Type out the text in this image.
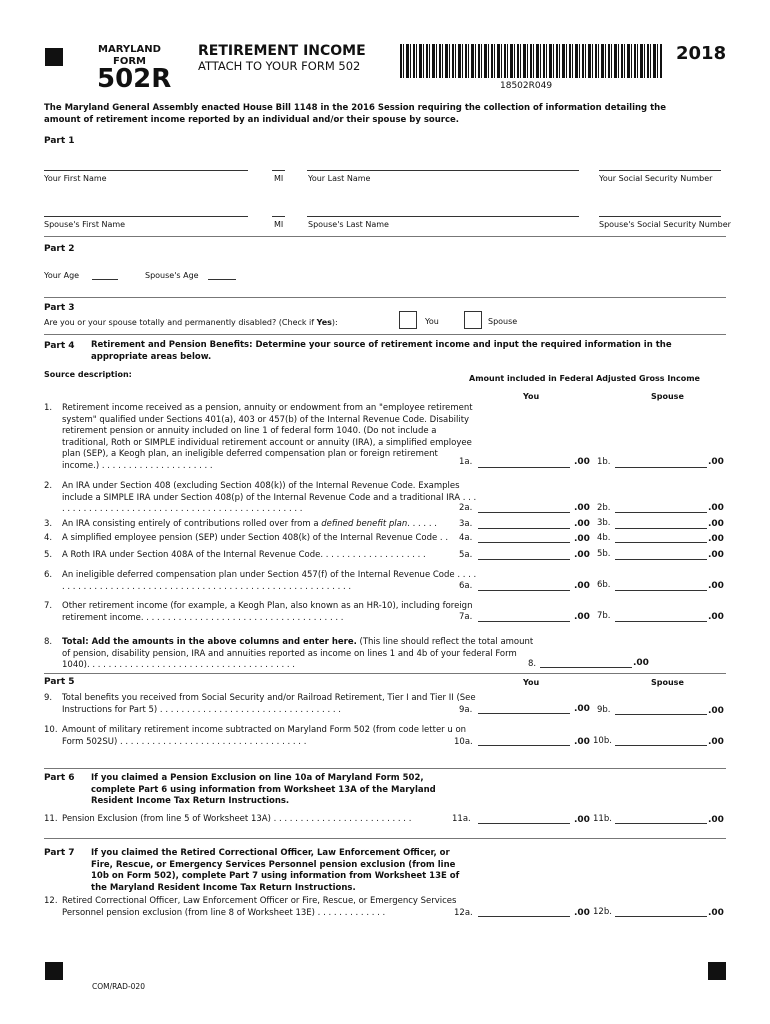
MARYLAND
FORM
502R
RETIREMENT INCOME
ATTACH TO YOUR FORM 502
18502R049
2018
The Maryland General Assembly enacted House Bill 1148 in the 2016 Session requiring the collection of information detailing the amount of retirement income reported by an individual and/or their spouse by source.
Part 1
Your First Name	MI	Your Last Name	Your Social Security Number
Spouse's First Name	MI	Spouse's Last Name	Spouse's Social Security Number
Part 2
Your Age	Spouse's Age
Part 3
Are you or your spouse totally and permanently disabled? (Check if Yes):	You	Spouse
Part 4 Retirement and Pension Benefits: Determine your source of retirement income and input the required information in the appropriate areas below.
Source description:	Amount included in Federal Adjusted Gross Income
You	Spouse
1. Retirement income received as a pension, annuity or endowment from an "employee retirement system" qualified under Sections 401(a), 403 or 457(b) of the Internal Revenue Code. Disability retirement pension or annuity included on line 1 of federal form 1040. (Do not include a traditional, Roth or SIMPLE individual retirement account or annuity (IRA), a simplified employee plan (SEP), a Keogh plan, an ineligible deferred compensation plan or foreign retirement income.) . . . . . . . . . . . . . . . . . . . . .	1a.	.00 1b.	.00
2. An IRA under Section 408 (excluding Section 408(k)) of the Internal Revenue Code. Examples include a SIMPLE IRA under Section 408(p) of the Internal Revenue Code and a traditional IRA . . . . . . . . . . . . . . . . . . . . . . . . . . . . . . . . . . . . . . . . . . . . . . . .	2a.	.00 2b.	.00
3. An IRA consisting entirely of contributions rolled over from a defined benefit plan. . . . . .	3a.	.00 3b.	.00
4. A simplified employee pension (SEP) under Section 408(k) of the Internal Revenue Code . .	4a.	.00 4b.	.00
5. A Roth IRA under Section 408A of the Internal Revenue Code. . . . . . . . . . . . . . . . . . . .	5a.	.00 5b.	.00
6. An ineligible deferred compensation plan under Section 457(f) of the Internal Revenue Code . . . . . . . . . . . . . . . . . . . . . . . . . . . . . . . . . . . . . . . . . . . . . . . . . . . . . . . . . .	6a.	.00 6b.	.00
7. Other retirement income (for example, a Keogh Plan, also known as an HR-10), including foreign retirement income. . . . . . . . . . . . . . . . . . . . . . . . . . . . . . . . . . . . . .	7a.	.00 7b.	.00
8. Total: Add the amounts in the above columns and enter here. (This line should reflect the total amount of pension, disability pension, IRA and annuities reported as income on lines 1 and 4b of your federal Form 1040). . . . . . . . . . . . . . . . . . . . . . . . . . . . . . . . . . . . . . .	8.	.00
Part 5	You	Spouse
9. Total benefits you received from Social Security and/or Railroad Retirement, Tier I and Tier II (See Instructions for Part 5) . . . . . . . . . . . . . . . . . . . . . . . . . . . . . . . . . .	9a.	.00 9b.	.00
10. Amount of military retirement income subtracted on Maryland Form 502 (from code letter u on Form 502SU) . . . . . . . . . . . . . . . . . . . . . . . . . . . . . . . . . . .	10a.	.00 10b.	.00
Part 6 If you claimed a Pension Exclusion on line 10a of Maryland Form 502, complete Part 6 using information from Worksheet 13A of the Maryland Resident Income Tax Return Instructions.
11. Pension Exclusion (from line 5 of Worksheet 13A) . . . . . . . . . . . . . . . . . . . . . . . . . .	11a.	.00 11b.	.00
Part 7 If you claimed the Retired Correctional Officer, Law Enforcement Officer, or Fire, Rescue, or Emergency Services Personnel pension exclusion (from line 10b on Form 502), complete Part 7 using information from Worksheet 13E of the Maryland Resident Income Tax Return Instructions.
12. Retired Correctional Officer, Law Enforcement Officer or Fire, Rescue, or Emergency Services Personnel pension exclusion (from line 8 of Worksheet 13E) . . . . . . . . . . . . .	12a.	.00 12b.	.00
COM/RAD-020
